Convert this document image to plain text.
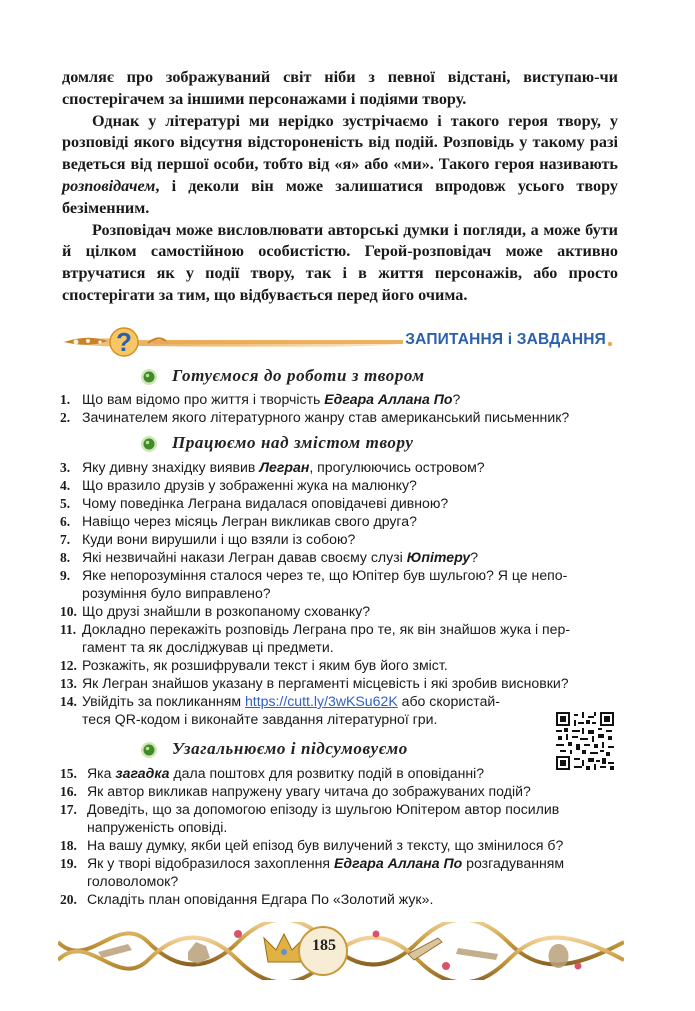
домляє про зображуваний світ ніби з певної відстані, виступаю-чи спостерігачем за іншими персонажами і подіями твору.

Однак у літературі ми нерідко зустрічаємо і такого героя твору, у розповіді якого відсутня відстороненість від подій. Розповідь у такому разі ведеться від першої особи, тобто від «я» або «ми». Такого героя називають розповідачем, і деколи він може залишатися впродовж усього твору безіменним.

Розповідач може висловлювати авторські думки і погляди, а може бути й цілком самостійною особистістю. Герой-розповідач може активно втручатися як у події твору, так і в життя персонажів, або просто спостерігати за тим, що відбувається перед його очима.

?	ЗАПИТАННЯ і ЗАВДАННЯ
Готуємося до роботи з твором
1. Що вам відомо про життя і творчість Едгара Аллана По?
2. Зачинателем якого літературного жанру став американський письменник?
Працюємо над змістом твору
3. Яку дивну знахідку виявив Легран, прогулюючись островом?
4. Що вразило друзів у зображенні жука на малюнку?
5. Чому поведінка Леграна видалася оповідачеві дивною?
6. Навіщо через місяць Легран викликав свого друга?
7. Куди вони вирушили і що взяли із собою?
8. Які незвичайні накази Легран давав своєму слузі Юпітеру?
9. Яке непорозуміння сталося через те, що Юпітер був шульгою? Я це непо-
розуміння було виправлено?
10. Що друзі знайшли в розкопаному схованку?
11. Докладно перекажіть розповідь Леграна про те, як він знайшов жука і пер-
гамент та як досліджував ці предмети.
12. Розкажіть, як розшифрували текст і яким був його зміст.
13. Як Легран знайшов указану в пергаменті місцевість і які зробив висновки?
14. Увійдіть за покликанням https://cutt.ly/3wKSu62K або скористай-
теся QR-кодом і виконайте завдання літературної гри.
Узагальнюємо і підсумовуємо
15. Яка загадка дала поштовх для розвитку подій в оповіданні?
16. Як автор викликав напружену увагу читача до зображуваних подій?
17. Доведіть, що за допомогою епізоду із шульгою Юпітером автор посилив
напруженість оповіді.
18. На вашу думку, якби цей епізод був вилучений з тексту, що змінилося б?
19. Як у творі відобразилося захоплення Едгара Аллана По розгадуванням
головоломок?
20. Складіть план оповідання Едгара По «Золотий жук».
185
